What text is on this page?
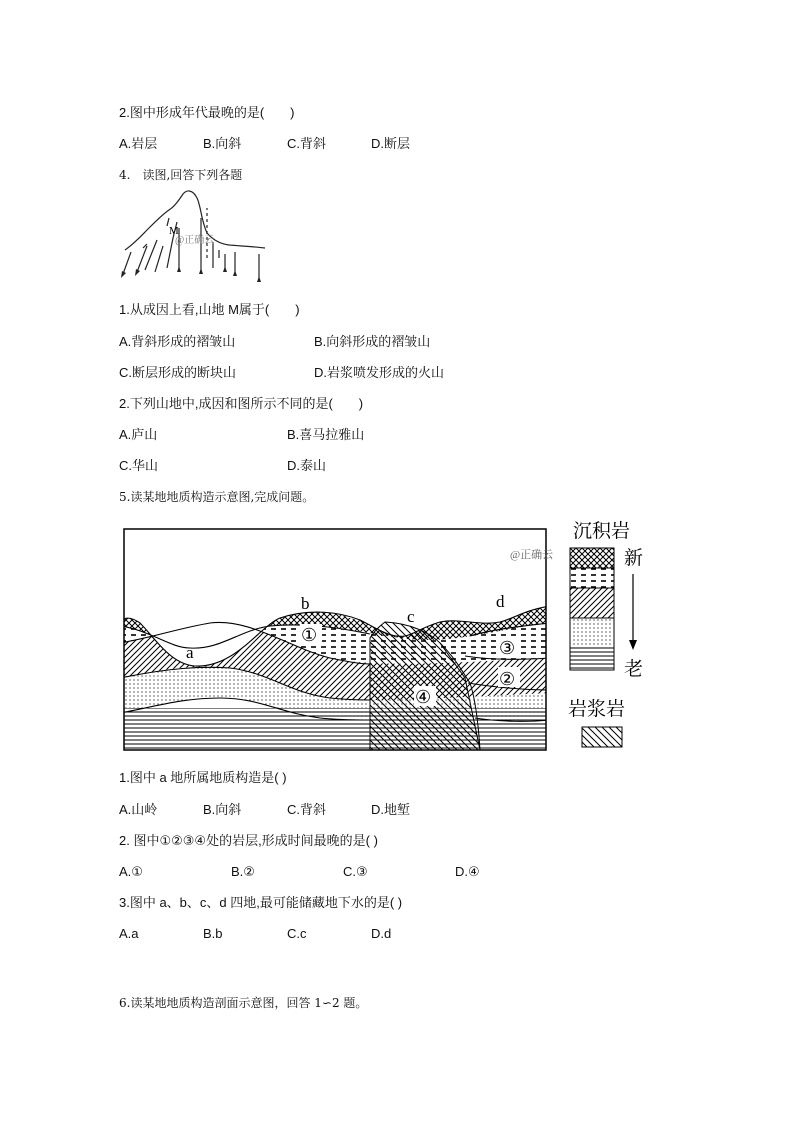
2.图中形成年代最晚的是(　　)
A.岩层	B.向斜	C.背斜	D.断层
4.　读图,回答下列各题
M
@正确云
1.从成因上看,山地 M属于(　　)
A.背斜形成的褶皱山	B.向斜形成的褶皱山
C.断层形成的断块山	D.岩浆喷发形成的火山
2.下列山地中,成因和图所示不同的是(　　)
A.庐山	B.喜马拉雅山
C.华山	D.泰山
5.读某地地质构造示意图,完成问题。
@正确云
a
b
c
d
①
②
③
④
沉积岩
新
老
岩浆岩
1.图中 a 地所属地质构造是( )
A.山岭	B.向斜	C.背斜	D.地堑
2. 图中①②③④处的岩层,形成时间最晚的是( )
A.①	B.②	C.③	D.④
3.图中 a、b、c、d 四地,最可能储藏地下水的是( )
A.a	B.b	C.c	D.d
6.读某地地质构造剖面示意图，回答 1∽2 题。
